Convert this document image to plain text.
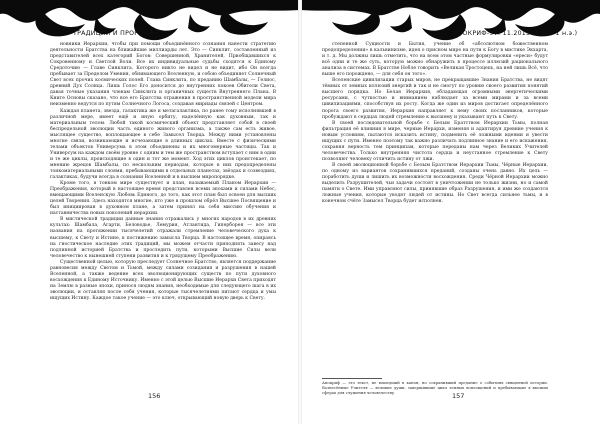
ТРАДИЦИИ И ПРОРОКИ

новники Иерархии, чтобы при помощи объединённого сознания нанести стратегию деятельности Братства на ближайшие миллиарды лет. Это — Синклит, составленный из представителей всех категорий Богов: Совершенной, Хранителей, Приобщавшихся к Сокровенному и Светлой Воли. Все их индивидуальные судьбы сходятся к Единому Средоточию — Главе Синклита, Которого никто не видел и не видит, ибо Он всегда пребывает за Пределом Умения, обнимающего Вселенную, и собою объединяет Солнечный Свет всех прочих космических полей. Глава Синклита, по преданию Шамбалы, — Гелиос, древний Дух Солнца. Лишь Голос Его доносится до внутренних покоев Обители Света, давая точные указания членам Синклита и органичных существ Внутреннего Плана. В Книге Основы сказано, что все его Братства отражения в пространственной модели мира неизменно ведутся по путям Солнечного Логоса, создавая мириады связей с Центром.

Каждая планета, звезда, галактика же и метагалактика, по ранее тому исполнявшей в различной мере, имеет ещё и иную орбиту, наделённую как духовным, так и материальным телом. Любой такой космический объект представляет собой в своей беспредельной эволюции часть единого живого организма, а также сам есть живое, мыслящее существо, воплощающее в себе Замысел Творца. Между ними установлены многие связи, возникающие и исчезающие в длинных циклах. Вместе с физическими телами объектов Универсума в этом объединены и их многомерные частицы. Так и Универсум на каждом своём уровне с одним и тем же пространством вступает с ним в одни и те же циклы, происходящие в один и тот же момент. Ход этих циклов проистекает, по мнению жрецов Шамбалы, по нескольким периодам, которые в них предопределены тонкоматериальными слоями, пребывающими в отдельных планетах, звёздах и созвездиях, галактиках, будучи всегда в сознании Вселенной и в высшем миропорядке.

Кроме того, в тонком мире существует и план, называемый Планом Иерархии — Преображения, который в настоящее время представлен всеми эпохами и силами Небес, вмещающими Вселенскую Любовь Единого, до того, как этот план был освоен для высших целей Творения. Здесь находятся многие, кто уже в прошлом обрёл Высшее Посвящение и был инициирован в духовном плане, а затем принял на себя миссию обучения и наставничества новых поколений иерархии.

В мистической традиции данные знания отражались у многих народов в их древних культах: Шамбала, Агарти, Беловодье, Лемурия, Атлантида, Гиперборея — все эти названия на протяжении тысячелетий отражали стремление человеческого духа к высшему, к Свету и Истине, к постижению замысла Творца. В настоящее время, опираясь на гностическое наследие этих традиций, мы можем отчасти приподнять завесу над подлинной историей Братства и проследить пути, которыми Высшие Силы вели человечество к нынешней ступени развития и к грядущему Преображению.

Существенной целью, которую преследует Солнечное Братство, является поддержание равновесия между Светом и Тьмой, между силами созидания и разрушения в нашей Вселенной, а также ведение всех эволюционирующих существ по пути духовного восхождения к Единому Источнику. Именно с этой целью Высшие Иерархи Света приходят на Землю в разные эпохи, принося людям знания, необходимые для следующего шага в их эволюции, и оставляя после себя учения, которые тысячелетиями питают сердца и умы ищущих Истину. Каждое такое учение — это ключ, открывающий новую дверь к Свету.

156
АПОКРИФ-97: 11.2015 (ЯШ.5 1 н.э.)

степенной Сущности и Бытия, учение об «абсолютном божественном предопределении» в кальвинизме, идея о присном мире на пути к Богу в мистике Экхарта, и т. д. Мы должны лишь отметить, что на всем этом частные формулировки «ереси» будут всё одни и те же суть, которую можно обнаружить в процессе иллюзий рационального анализа в системах. В Братстве Нобле говорить «Великая Тростоцепь, на ней лишь Всё, что выше его порождено, — для себя он того».

Вселенские цивилизации старых миров, не прекращавшие Знания Братства, не видят тёмных от земных иллюзий энергий и так и не смогут по уровню своего развития понятий высшего порядка. Но Белая Иерархия, обладающая огромными энергетическими ресурсами, с чуткостью и вниманием наблюдает за всеми мирами и за всеми цивилизациями, способствуя их росту. Когда же один из миров достигает определённого порога своего развития, Иерархия направляет к нему своих посланников, которые пробуждают в сердцах людей стремление к высшему и указывают путь к Свету.

В своей последовательной борьбе с Белым Братством Иерархии Тьмы, полная фильтрация её влияния в мире, черные Иерархи, изменяя и адаптируя древние учения к новым условиям, пытаются исказить истину, подменить её ложными идеями и увести ищущих с пути. Именно поэтому так важно различать подлинное знание и его искажения, сохраняя верность тем принципам, которые переданы нам через Великих Учителей человечества. Только внутренняя чистота сердца и неустанное стремление к Свету позволяют человеку отличить истину от лжи.

В своей эволюционной борьбе с Белым Братством Иерархии Тьмы, Чёрные Иерархии, по одному из вариантов сохранившихся преданий, созданы очень давно. Их цель — поработить души и лишить их возможности восхождения. Среди Чёрной Иерархии можно выделить Разрушителей, чьи задачи состоят в уничтожении не только жизни, но и самой памяти о Свете. Ими управляют силы, принявшие образ Разрушения, и ими же создаются ложные учения, которые уводят людей от истины. Но Свет всегда сильнее тьмы, и в конечном счёте Замысел Творца будет исполнен.

Апокриф — это текст, не вошедший в канон, но сохранивший предание о событиях священной истории. Вознесённые Учителя — великие души, завершившие цикл земных воплощений и пребывающие в высших сферах для служения человечеству.	157
